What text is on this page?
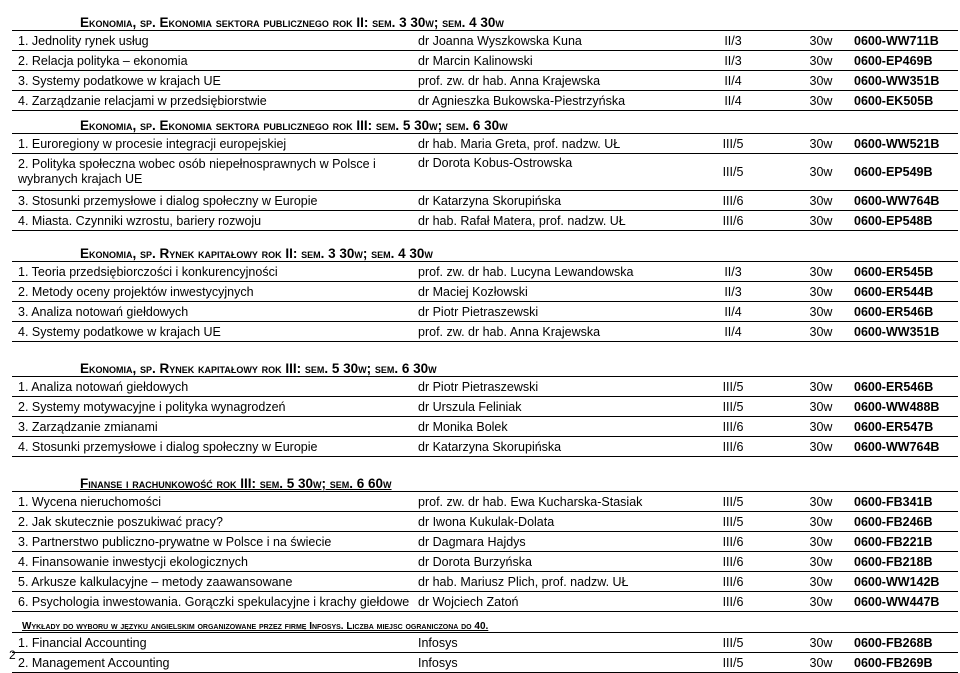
Ekonomia, sp. Ekonomia sektora publicznego rok II: sem. 3 30w; sem. 4 30w
1. Jednolity rynek usług	dr Joanna Wyszkowska Kuna	II/3	30w	0600-WW711B
2. Relacja polityka – ekonomia	dr Marcin Kalinowski	II/3	30w	0600-EP469B
3. Systemy podatkowe w krajach UE	prof. zw. dr hab. Anna Krajewska	II/4	30w	0600-WW351B
4. Zarządzanie relacjami w przedsiębiorstwie	dr Agnieszka Bukowska-Piestrzyńska	II/4	30w	0600-EK505B
Ekonomia, sp. Ekonomia sektora publicznego rok III: sem. 5 30w; sem. 6 30w
1. Euroregiony w procesie integracji europejskiej	dr hab. Maria Greta, prof. nadzw. UŁ	III/5	30w	0600-WW521B
2. Polityka społeczna wobec osób niepełnosprawnych w Polsce i wybranych krajach UE	dr Dorota Kobus-Ostrowska	III/5	30w	0600-EP549B
3. Stosunki przemysłowe i dialog społeczny w Europie	dr Katarzyna Skorupińska	III/6	30w	0600-WW764B
4. Miasta. Czynniki wzrostu, bariery rozwoju	dr hab. Rafał Matera, prof. nadzw. UŁ	III/6	30w	0600-EP548B
Ekonomia, sp. Rynek kapitałowy rok II: sem. 3 30w; sem. 4 30w
1. Teoria przedsiębiorczości i konkurencyjności	prof. zw. dr hab. Lucyna Lewandowska	II/3	30w	0600-ER545B
2. Metody oceny projektów inwestycyjnych	dr Maciej Kozłowski	II/3	30w	0600-ER544B
3. Analiza notowań giełdowych	dr Piotr Pietraszewski	II/4	30w	0600-ER546B
4. Systemy podatkowe w krajach UE	prof. zw. dr hab. Anna Krajewska	II/4	30w	0600-WW351B
Ekonomia, sp. Rynek kapitałowy rok III: sem. 5 30w; sem. 6 30w
1. Analiza notowań giełdowych	dr Piotr Pietraszewski	III/5	30w	0600-ER546B
2. Systemy motywacyjne i polityka wynagrodzeń	dr Urszula Feliniak	III/5	30w	0600-WW488B
3. Zarządzanie zmianami	dr Monika Bolek	III/6	30w	0600-ER547B
4. Stosunki przemysłowe i dialog społeczny w Europie	dr Katarzyna Skorupińska	III/6	30w	0600-WW764B
Finanse i rachunkowość rok III: sem. 5 30w; sem. 6 60w
1. Wycena nieruchomości	prof. zw. dr hab. Ewa Kucharska-Stasiak	III/5	30w	0600-FB341B
2. Jak skutecznie poszukiwać pracy?	dr Iwona Kukulak-Dolata	III/5	30w	0600-FB246B
3. Partnerstwo publiczno-prywatne w Polsce i na świecie	dr Dagmara Hajdys	III/6	30w	0600-FB221B
4. Finansowanie inwestycji ekologicznych	dr Dorota Burzyńska	III/6	30w	0600-FB218B
5. Arkusze kalkulacyjne – metody zaawansowane	dr hab. Mariusz Plich, prof. nadzw. UŁ	III/6	30w	0600-WW142B
6. Psychologia inwestowania. Gorączki spekulacyjne i krachy giełdowe	dr Wojciech Zatoń	III/6	30w	0600-WW447B
Wykłady do wyboru w języku angielskim organizowane przez firmę Infosys. Liczba miejsc ograniczona do 40.
1. Financial Accounting	Infosys	III/5	30w	0600-FB268B
2. Management Accounting	Infosys	III/5	30w	0600-FB269B
2
